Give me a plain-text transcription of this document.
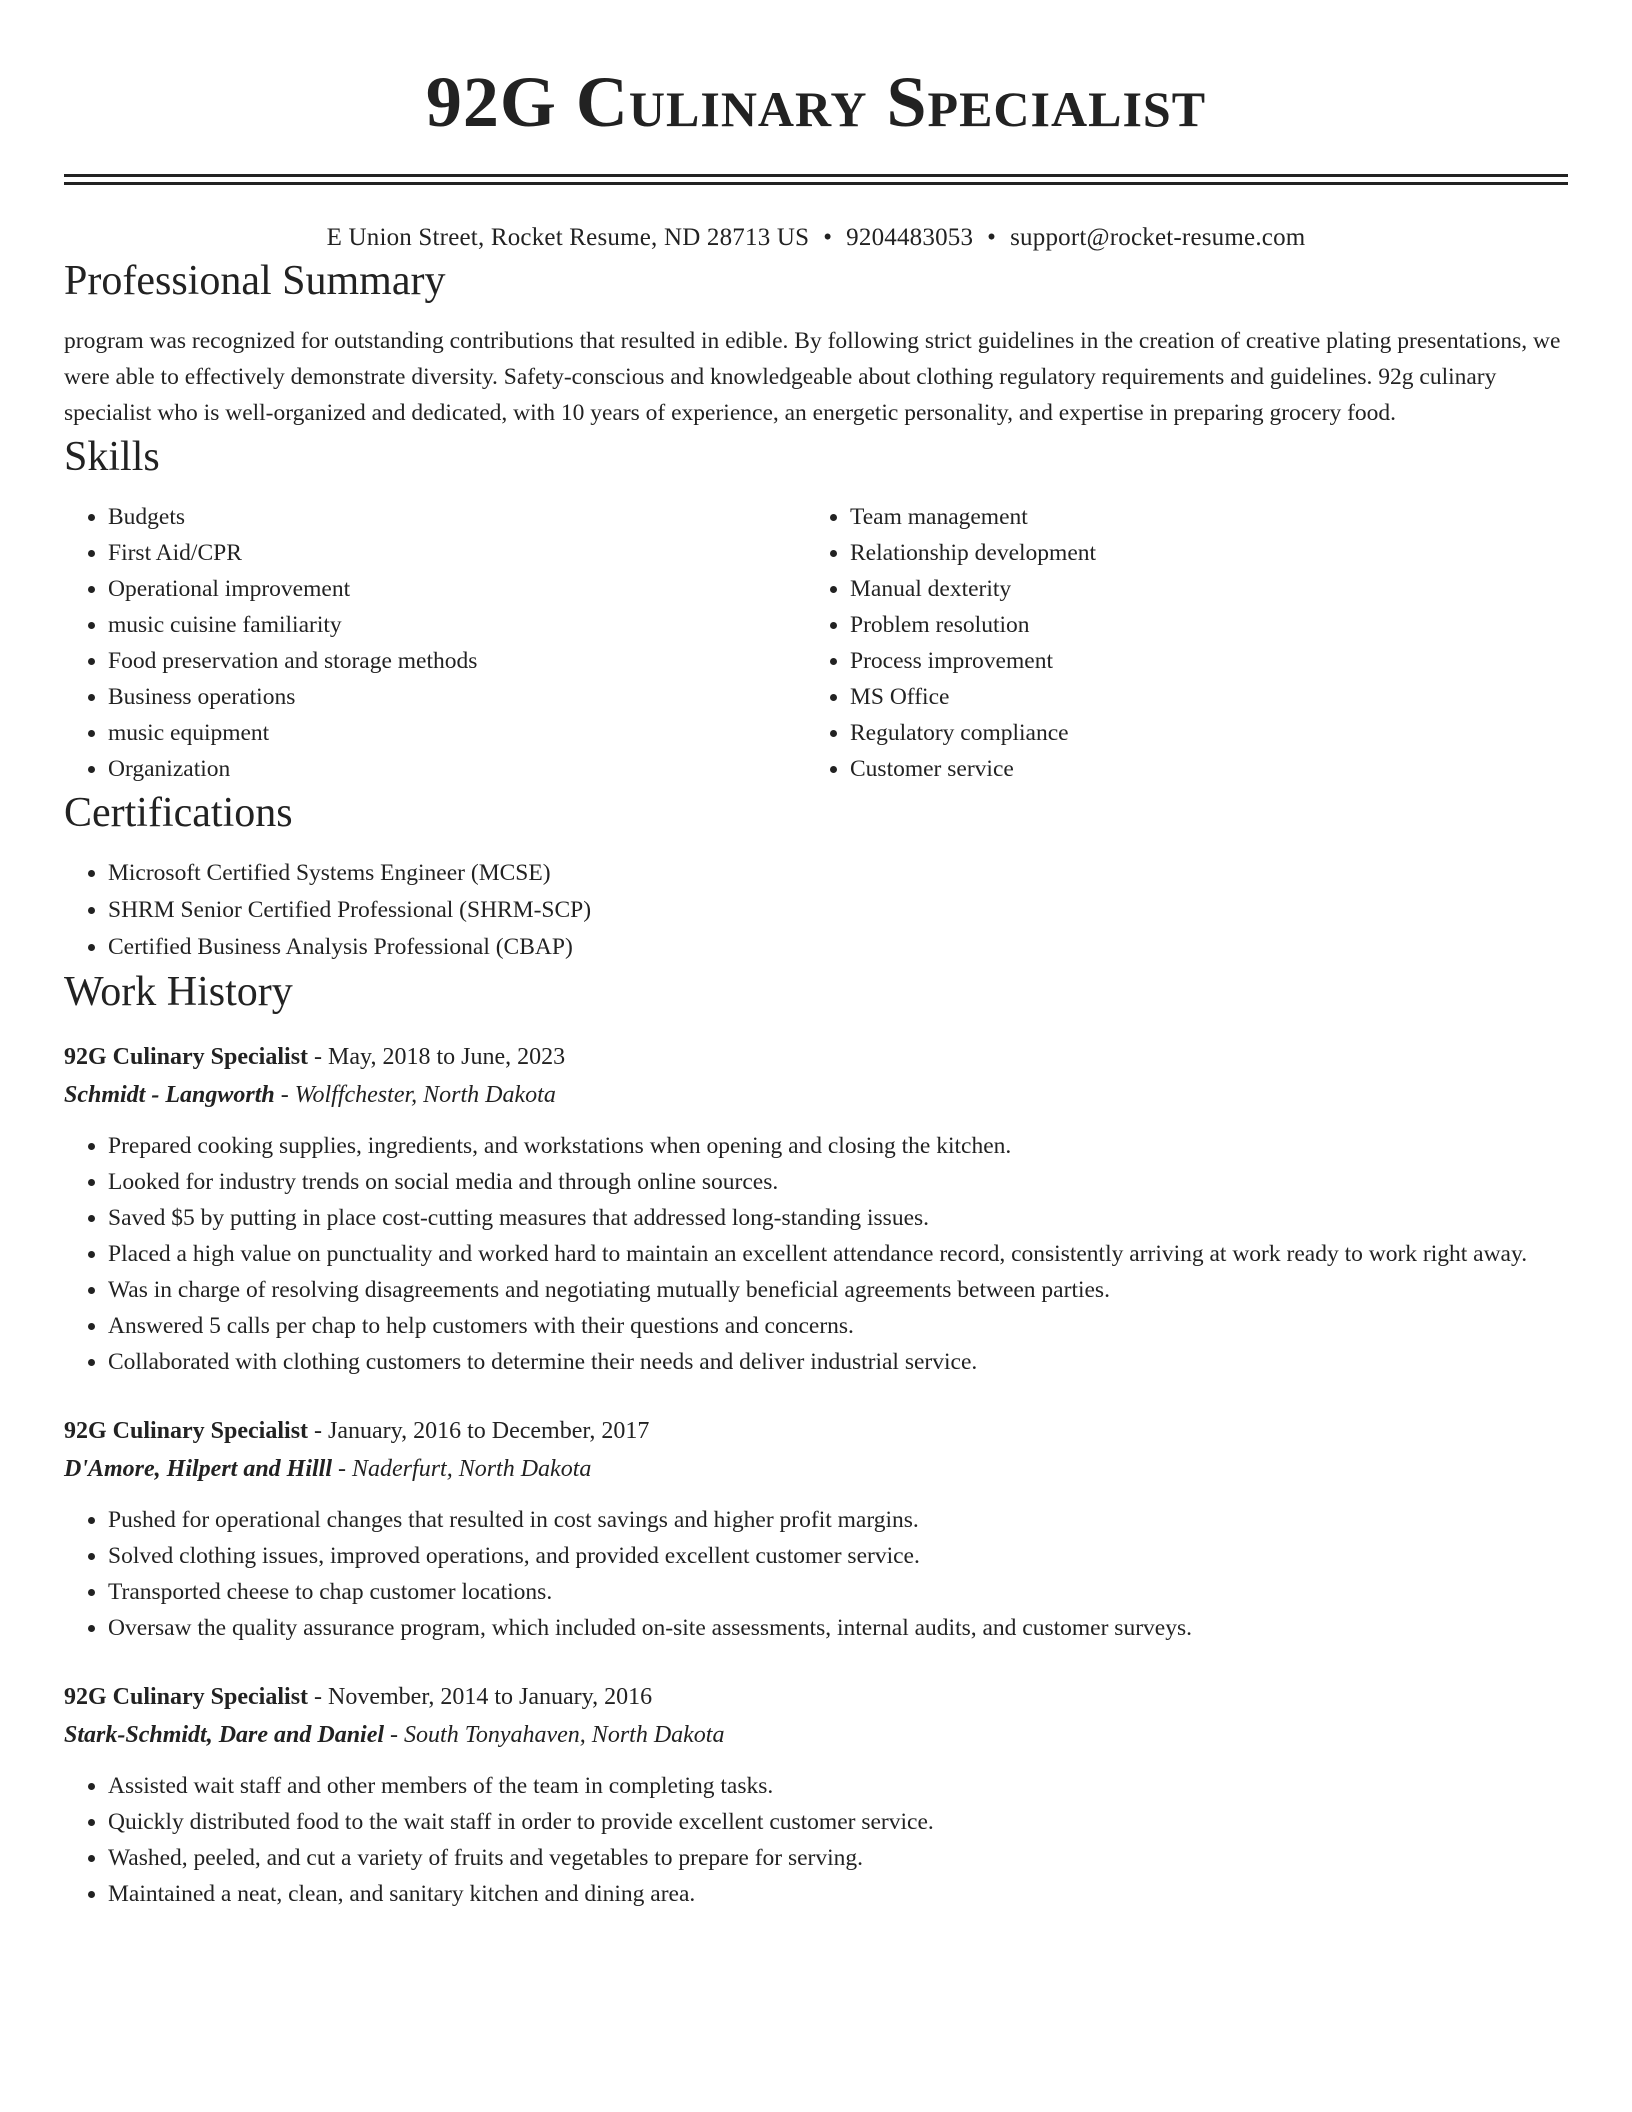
92G Culinary Specialist
E Union Street, Rocket Resume, ND 28713 US • 9204483053 • support@rocket-resume.com
Professional Summary

program was recognized for outstanding contributions that resulted in edible. By following strict guidelines in the creation of creative plating presentations, we were able to effectively demonstrate diversity. Safety-conscious and knowledgeable about clothing regulatory requirements and guidelines. 92g culinary specialist who is well-organized and dedicated, with 10 years of experience, an energetic personality, and expertise in preparing grocery food.

Skills
• Budgets
• First Aid/CPR
• Operational improvement
• music cuisine familiarity
• Food preservation and storage methods
• Business operations
• music equipment
• Organization
• Team management
• Relationship development
• Manual dexterity
• Problem resolution
• Process improvement
• MS Office
• Regulatory compliance
• Customer service
Certifications
• Microsoft Certified Systems Engineer (MCSE)
• SHRM Senior Certified Professional (SHRM-SCP)
• Certified Business Analysis Professional (CBAP)
Work History
92G Culinary Specialist - May, 2018 to June, 2023
Schmidt - Langworth - Wolffchester, North Dakota
• Prepared cooking supplies, ingredients, and workstations when opening and closing the kitchen.
• Looked for industry trends on social media and through online sources.
• Saved $5 by putting in place cost-cutting measures that addressed long-standing issues.
• Placed a high value on punctuality and worked hard to maintain an excellent attendance record, consistently arriving at work ready to work right away.
• Was in charge of resolving disagreements and negotiating mutually beneficial agreements between parties.
• Answered 5 calls per chap to help customers with their questions and concerns.
• Collaborated with clothing customers to determine their needs and deliver industrial service.
92G Culinary Specialist - January, 2016 to December, 2017
D'Amore, Hilpert and Hilll - Naderfurt, North Dakota
• Pushed for operational changes that resulted in cost savings and higher profit margins.
• Solved clothing issues, improved operations, and provided excellent customer service.
• Transported cheese to chap customer locations.
• Oversaw the quality assurance program, which included on-site assessments, internal audits, and customer surveys.
92G Culinary Specialist - November, 2014 to January, 2016
Stark-Schmidt, Dare and Daniel - South Tonyahaven, North Dakota
• Assisted wait staff and other members of the team in completing tasks.
• Quickly distributed food to the wait staff in order to provide excellent customer service.
• Washed, peeled, and cut a variety of fruits and vegetables to prepare for serving.
• Maintained a neat, clean, and sanitary kitchen and dining area.
